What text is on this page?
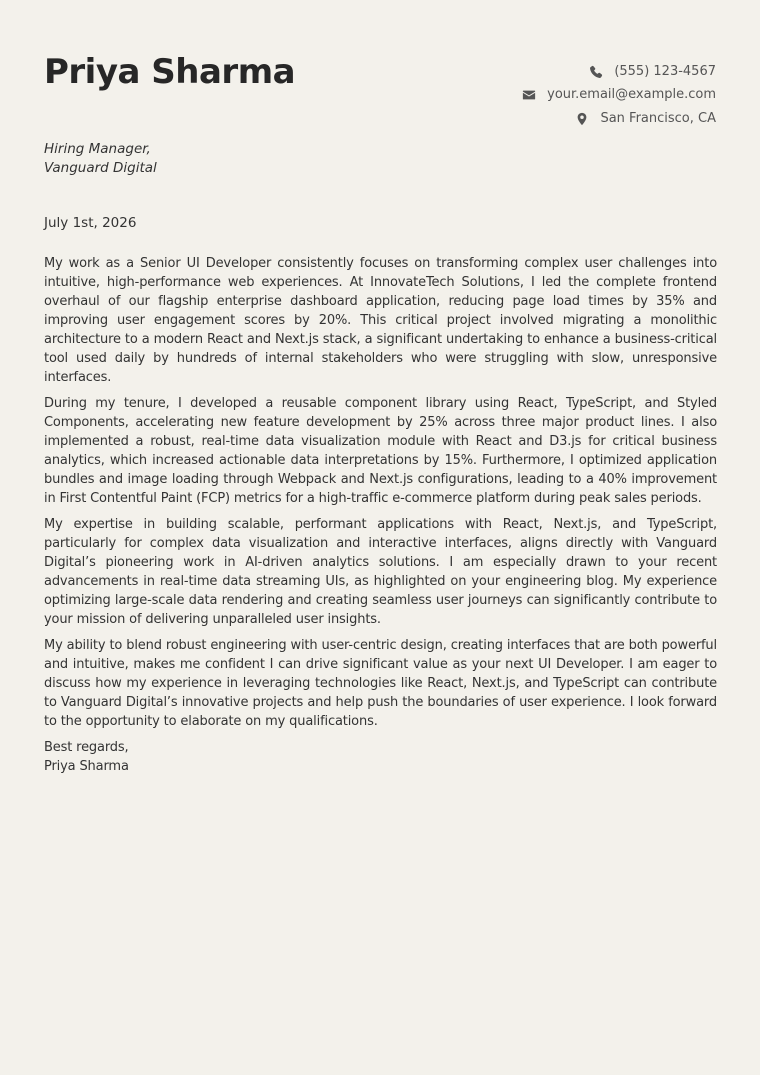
Priya Sharma	(555) 123-4567
your.email@example.com
San Francisco, CA
Hiring Manager,
Vanguard Digital
July 1st, 2026

My work as a Senior UI Developer consistently focuses on transforming complex user challenges into intuitive, high-performance web experiences. At InnovateTech Solutions, I led the complete frontend overhaul of our flagship enterprise dashboard application, reducing page load times by 35% and improving user engagement scores by 20%. This critical project involved migrating a monolithic architecture to a modern React and Next.js stack, a significant undertaking to enhance a business-critical tool used daily by hundreds of internal stakeholders who were struggling with slow, unresponsive interfaces.

During my tenure, I developed a reusable component library using React, TypeScript, and Styled Components, accelerating new feature development by 25% across three major product lines. I also implemented a robust, real-time data visualization module with React and D3.js for critical business analytics, which increased actionable data interpretations by 15%. Furthermore, I optimized application bundles and image loading through Webpack and Next.js configurations, leading to a 40% improvement in First Contentful Paint (FCP) metrics for a high-traffic e-commerce platform during peak sales periods.

My expertise in building scalable, performant applications with React, Next.js, and TypeScript, particularly for complex data visualization and interactive interfaces, aligns directly with Vanguard Digital’s pioneering work in AI-driven analytics solutions. I am especially drawn to your recent advancements in real-time data streaming UIs, as highlighted on your engineering blog. My experience optimizing large-scale data rendering and creating seamless user journeys can significantly contribute to your mission of delivering unparalleled user insights.

My ability to blend robust engineering with user-centric design, creating interfaces that are both powerful and intuitive, makes me confident I can drive significant value as your next UI Developer. I am eager to discuss how my experience in leveraging technologies like React, Next.js, and TypeScript can contribute to Vanguard Digital’s innovative projects and help push the boundaries of user experience. I look forward to the opportunity to elaborate on my qualifications.

Best regards,
Priya Sharma
